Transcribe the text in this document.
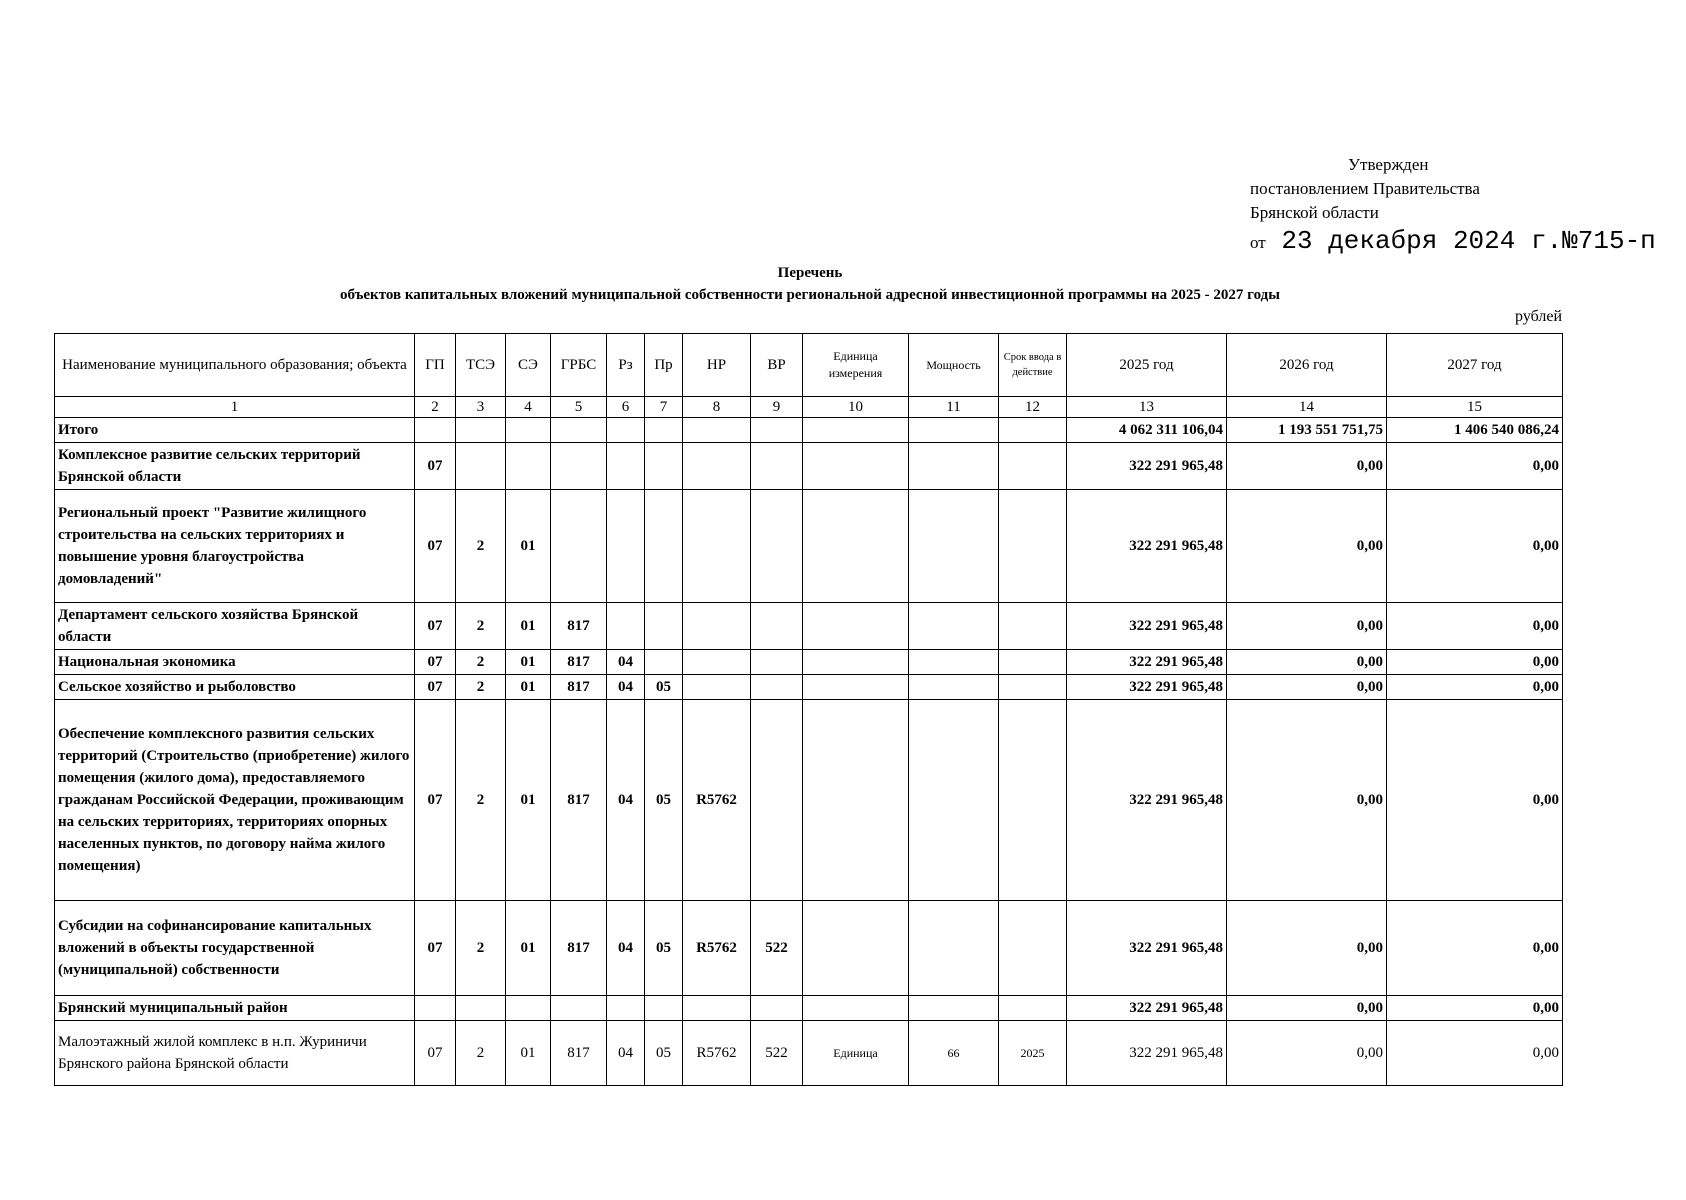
Утвержден
постановлением Правительства
Брянской области
от 23 декабря 2024 г.№715-п
Перечень
объектов капитальных вложений муниципальной собственности региональной адресной инвестиционной программы на 2025 - 2027 годы
рублей
Наименование муниципального образования; объекта	ГП	ТСЭ	СЭ	ГРБС	Рз	Пр	НР	ВР	Единица измерения	Мощность	Срок ввода в действие	2025 год	2026 год	2027 год
1	2	3	4	5	6	7	8	9	10	11	12	13	14	15
Итого												4 062 311 106,04	1 193 551 751,75	1 406 540 086,24
Комплексное развитие сельских территорий Брянской области	07											322 291 965,48	0,00	0,00
Региональный проект "Развитие жилищного строительства на сельских территориях и повышение уровня благоустройства домовладений"	07	2	01									322 291 965,48	0,00	0,00
Департамент сельского хозяйства Брянской области	07	2	01	817								322 291 965,48	0,00	0,00
Национальная экономика	07	2	01	817	04							322 291 965,48	0,00	0,00
Сельское хозяйство и рыболовство	07	2	01	817	04	05						322 291 965,48	0,00	0,00
Обеспечение комплексного развития сельских территорий (Строительство (приобретение) жилого помещения (жилого дома), предоставляемого гражданам Российской Федерации, проживающим на сельских территориях, территориях опорных населенных пунктов, по договору найма жилого помещения)	07	2	01	817	04	05	R5762					322 291 965,48	0,00	0,00
Субсидии на софинансирование капитальных вложений в объекты государственной (муниципальной) собственности	07	2	01	817	04	05	R5762	522				322 291 965,48	0,00	0,00
Брянский муниципальный район												322 291 965,48	0,00	0,00
Малоэтажный жилой комплекс в н.п. Журиничи Брянского района Брянской области	07	2	01	817	04	05	R5762	522	Единица	66	2025	322 291 965,48	0,00	0,00
